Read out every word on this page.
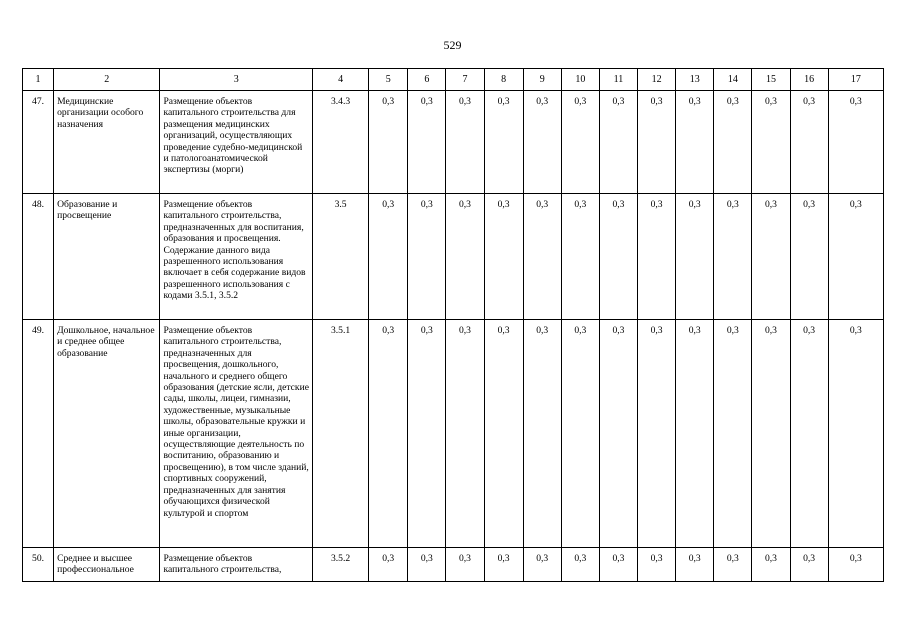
529
1	2	3	4	5	6	7	8	9	10	11	12	13	14	15	16	17
47.	Медицинские организации особого назначения	Размещение объектов капитального строительства для размещения медицинских организаций, осуществляющих проведение судебно-медицинской и патологоанатомической экспертизы (морги)	3.4.3	0,3	0,3	0,3	0,3	0,3	0,3	0,3	0,3	0,3	0,3	0,3	0,3	0,3
48.	Образование и просвещение	Размещение объектов капитального строительства, предназначенных для воспитания, образования и просвещения. Содержание данного вида разрешенного использования включает в себя содержание видов разрешенного использования с кодами 3.5.1, 3.5.2	3.5	0,3	0,3	0,3	0,3	0,3	0,3	0,3	0,3	0,3	0,3	0,3	0,3	0,3
49.	Дошкольное, начальное и среднее общее образование	Размещение объектов капитального строительства, предназначенных для просвещения, дошкольного, начального и среднего общего образования (детские ясли, детские сады, школы, лицеи, гимназии, художественные, музыкальные школы, образовательные кружки и иные организации, осуществляющие деятельность по воспитанию, образованию и просвещению), в том числе зданий, спортивных сооружений, предназначенных для занятия обучающихся физической культурой и спортом	3.5.1	0,3	0,3	0,3	0,3	0,3	0,3	0,3	0,3	0,3	0,3	0,3	0,3	0,3
50.	Среднее и высшее профессиональное	Размещение объектов капитального строительства,	3.5.2	0,3	0,3	0,3	0,3	0,3	0,3	0,3	0,3	0,3	0,3	0,3	0,3	0,3
